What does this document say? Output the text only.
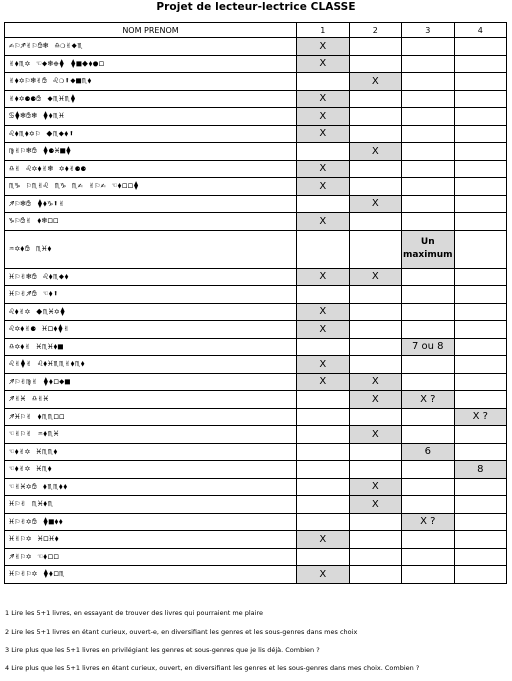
Projet de lecteur-lectrice CLASSE
NOM PRENOM	1	2	3	4
✍︎⚐︎♐︎✌︎⚐︎✋︎❄︎ ♎︎❍︎✌︎◆︎♏︎	X			
✌︎⬧︎♏︎✡︎ ☜︎◆︎❄︎❉︎⧫︎ ⧫︎■︎⬥︎⬧︎●︎◻︎	X			
✌︎⬧︎✡︎⚐︎❄︎✌︎✋︎ ♌︎❍︎⬆︎◆︎■︎♏︎⬧︎		X		
✌︎⬧︎✡︎⚈︎⚈︎✋︎ ◆︎♏︎♓︎♏︎⧫︎	X			
♋︎⧫︎❄︎✋︎❄︎ ⧫︎⬧︎♏︎♓︎	X			
♌︎⬧︎♏︎⬧︎✡︎⚐︎ ⬥︎♏︎◆︎⬧︎⬆︎	X			
♍︎✌︎⚐︎❄︎✋︎ ⧫︎⚈︎♓︎■︎⧫︎		X		
♎︎✌︎ ♌︎✡︎⬧︎✌︎❄︎ ✡︎⬧︎✌︎⚈︎⚈︎	X			
♏︎♑︎ ⚐︎♏︎✌︎♌︎ ♏︎♑︎ ♏︎✍︎ ✌︎⚐︎✍︎ ☜︎⬧︎◻︎◻︎⧫︎	X			
♐︎⚐︎❄︎✋︎ ⧫︎⬧︎♑︎⬆︎✌︎		X		
♑︎⚐︎✋︎✌︎ ⬧︎❄︎◻︎◻︎	X			
♒︎✡︎⬧︎✋︎ ♏︎♓︎⬧︎			Un
maximum	
♓︎⚐︎✌︎❄︎✋︎ ♌︎⬧︎♏︎◆︎⬧︎	X	X		
♓︎⚐︎✌︎♐︎✋︎ ☜︎⬧︎⬆︎				
♌︎⬧︎✌︎✡︎ ⬥︎♏︎♓︎✡︎⧫︎	X			
♌︎✡︎⬧︎✌︎⚈︎ ♓︎◻︎⬧︎⧫︎✌︎	X			
♎︎✡︎⬧︎✌︎ ♓︎♏︎♓︎⬧︎■︎			7 ou 8	
♌︎✌︎⧫︎✌︎ ♌︎⬧︎♓︎♏︎♏︎✌︎⬧︎♏︎⬧︎	X			
♐︎⚐︎✌︎♍︎✌︎ ⧫︎⬧︎◻︎◆︎■︎	X	X		
♐︎✌︎♓︎ ♎︎✌︎♓︎		X	X ?	
♐︎♓︎⚐︎✌︎ ⬧︎♏︎♏︎◻︎◻︎				X ?
☜︎✌︎⚐︎✌︎ ♒︎⬧︎♏︎♓︎		X		
☜︎⬧︎✌︎✡︎ ♓︎♏︎♏︎⬧︎			6	
☜︎⬧︎✌︎✡︎ ♓︎♏︎⬧︎				8
☜︎✌︎♓︎✡︎✋︎ ⬧︎♏︎♏︎⬧︎⬧︎		X		
♓︎⚐︎✌︎ ♏︎♓︎⬧︎♏︎		X		
♓︎⚐︎✌︎✡︎✋︎ ⧫︎■︎⬧︎⬧︎			X ?	
♓︎✌︎⚐︎✡︎ ♓︎◻︎♓︎⬧︎	X			
♐︎✌︎⚐︎✡︎ ☜︎⬧︎◻︎◻︎				
♓︎⚐︎✌︎⚐︎✡︎ ⧫︎⬧︎◻︎♏︎	X			
1 Lire les 5+1 livres, en essayant de trouver des livres qui pourraient me plaire
2 Lire les 5+1 livres en étant curieux, ouvert-e, en diversifiant les genres et les sous-genres dans mes choix
3 Lire plus que les 5+1 livres en privilégiant les genres et sous-genres que je lis déjà. Combien ?
4 Lire plus que les 5+1 livres en étant curieux, ouvert, en diversifiant les genres et les sous-genres dans mes choix. Combien ?
